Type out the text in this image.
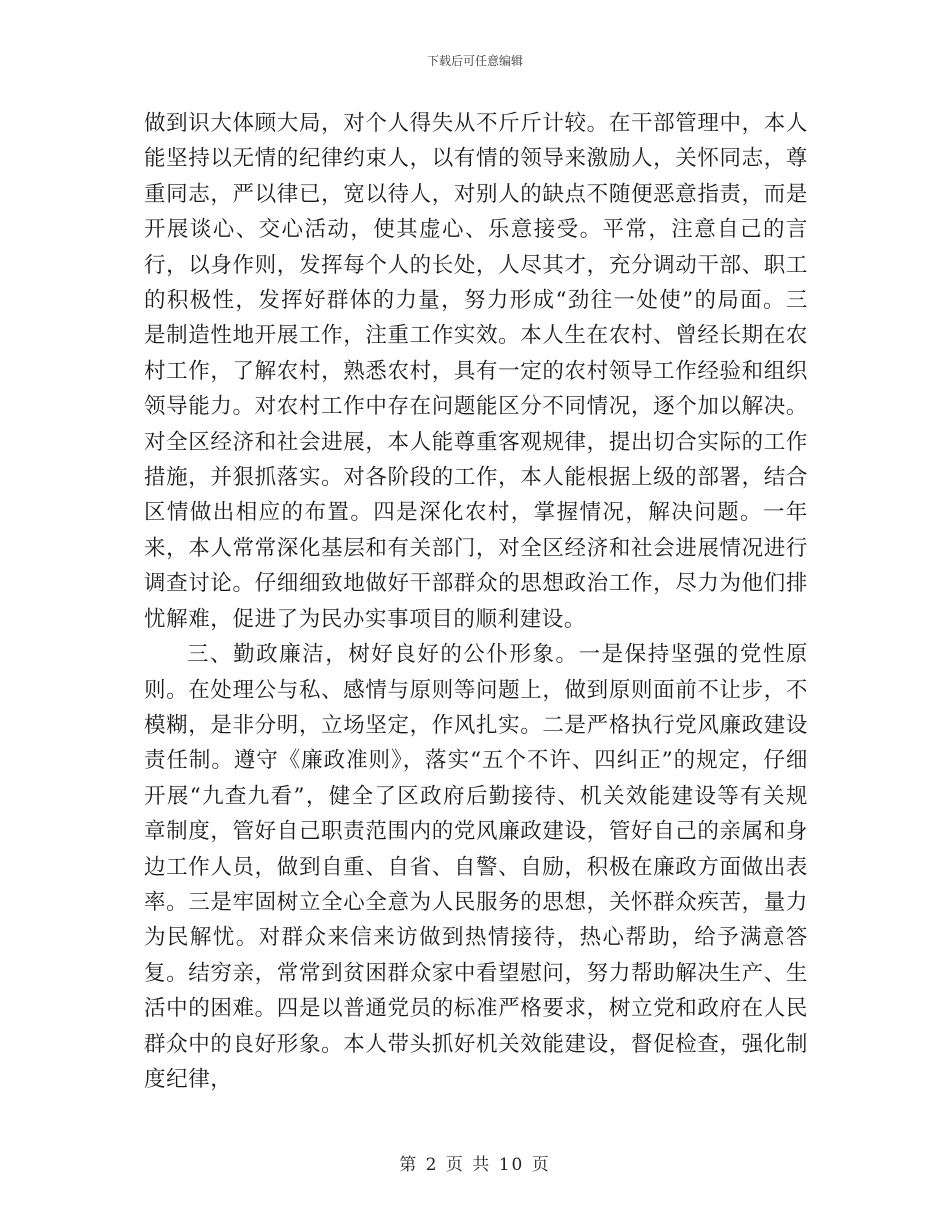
下载后可任意编辑

做到识大体顾大局，对个人得失从不斤斤计较。在干部管理中，本人能坚持以无情的纪律约束人，以有情的领导来激励人，关怀同志，尊重同志，严以律已，宽以待人，对别人的缺点不随便恶意指责，而是开展谈心、交心活动，使其虚心、乐意接受。平常，注意自己的言行，以身作则，发挥每个人的长处，人尽其才，充分调动干部、职工的积极性，发挥好群体的力量，努力形成“劲往一处使”的局面。三是制造性地开展工作，注重工作实效。本人生在农村、曾经长期在农村工作，了解农村，熟悉农村，具有一定的农村领导工作经验和组织领导能力。对农村工作中存在问题能区分不同情况，逐个加以解决。对全区经济和社会进展，本人能尊重客观规律，提出切合实际的工作措施，并狠抓落实。对各阶段的工作，本人能根据上级的部署，结合区情做出相应的布置。四是深化农村，掌握情况，解决问题。一年来，本人常常深化基层和有关部门，对全区经济和社会进展情况进行调查讨论。仔细细致地做好干部群众的思想政治工作，尽力为他们排忧解难，促进了为民办实事项目的顺利建设。

三、勤政廉洁，树好良好的公仆形象。一是保持坚强的党性原则。在处理公与私、感情与原则等问题上，做到原则面前不让步，不模糊，是非分明，立场坚定，作风扎实。二是严格执行党风廉政建设责任制。遵守《廉政准则》，落实“五个不许、四纠正”的规定，仔细开展“九查九看”，健全了区政府后勤接待、机关效能建设等有关规章制度，管好自己职责范围内的党风廉政建设，管好自己的亲属和身边工作人员，做到自重、自省、自警、自励，积极在廉政方面做出表率。三是牢固树立全心全意为人民服务的思想，关怀群众疾苦，量力为民解忧。对群众来信来访做到热情接待，热心帮助，给予满意答复。结穷亲，常常到贫困群众家中看望慰问，努力帮助解决生产、生活中的困难。四是以普通党员的标准严格要求，树立党和政府在人民群众中的良好形象。本人带头抓好机关效能建设，督促检查，强化制度纪律，

第 2 页 共 10 页
